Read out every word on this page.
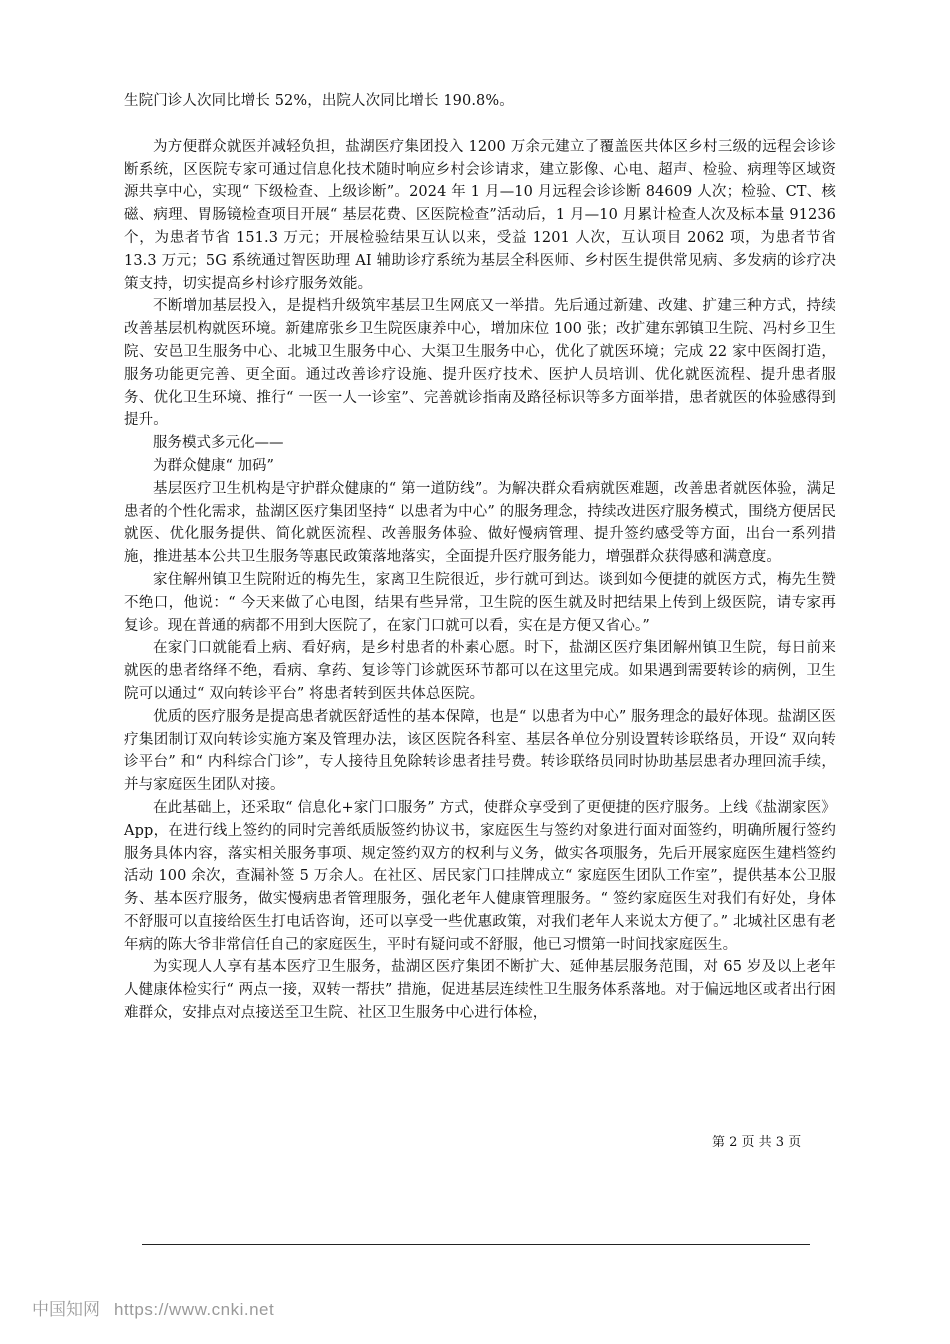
生院门诊人次同比增长 52%，出院人次同比增长 190.8%。

为方便群众就医并减轻负担，盐湖医疗集团投入 1200 万余元建立了覆盖医共体区乡村三级的远程会诊诊断系统，区医院专家可通过信息化技术随时响应乡村会诊请求，建立影像、心电、超声、检验、病理等区域资源共享中心，实现“ 下级检查、上级诊断”。2024 年 1 月—10 月远程会诊诊断 84609 人次；检验、CT、核磁、病理、胃肠镜检查项目开展“ 基层花费、区医院检查”活动后，1 月—10 月累计检查人次及标本量 91236 个，为患者节省 151.3 万元；开展检验结果互认以来，受益 1201 人次，互认项目 2062 项，为患者节省 13.3 万元；5G 系统通过智医助理 AI 辅助诊疗系统为基层全科医师、乡村医生提供常见病、多发病的诊疗决策支持，切实提高乡村诊疗服务效能。

不断增加基层投入，是提档升级筑牢基层卫生网底又一举措。先后通过新建、改建、扩建三种方式，持续改善基层机构就医环境。新建席张乡卫生院医康养中心，增加床位 100 张；改扩建东郭镇卫生院、冯村乡卫生院、安邑卫生服务中心、北城卫生服务中心、大渠卫生服务中心，优化了就医环境；完成 22 家中医阁打造，服务功能更完善、更全面。通过改善诊疗设施、提升医疗技术、医护人员培训、优化就医流程、提升患者服务、优化卫生环境、推行“ 一医一人一诊室”、完善就诊指南及路径标识等多方面举措，患者就医的体验感得到提升。

服务模式多元化——

为群众健康“ 加码”

基层医疗卫生机构是守护群众健康的“ 第一道防线”。为解决群众看病就医难题，改善患者就医体验，满足患者的个性化需求，盐湖区医疗集团坚持“ 以患者为中心” 的服务理念，持续改进医疗服务模式，围绕方便居民就医、优化服务提供、简化就医流程、改善服务体验、做好慢病管理、提升签约感受等方面，出台一系列措施，推进基本公共卫生服务等惠民政策落地落实，全面提升医疗服务能力，增强群众获得感和满意度。

家住解州镇卫生院附近的梅先生，家离卫生院很近，步行就可到达。谈到如今便捷的就医方式，梅先生赞不绝口，他说：“ 今天来做了心电图，结果有些异常，卫生院的医生就及时把结果上传到上级医院，请专家再复诊。现在普通的病都不用到大医院了，在家门口就可以看，实在是方便又省心。”

在家门口就能看上病、看好病，是乡村患者的朴素心愿。时下，盐湖区医疗集团解州镇卫生院，每日前来就医的患者络绎不绝，看病、拿药、复诊等门诊就医环节都可以在这里完成。如果遇到需要转诊的病例，卫生院可以通过“ 双向转诊平台” 将患者转到医共体总医院。

优质的医疗服务是提高患者就医舒适性的基本保障，也是“ 以患者为中心” 服务理念的最好体现。盐湖区医疗集团制订双向转诊实施方案及管理办法，该区医院各科室、基层各单位分别设置转诊联络员，开设“ 双向转诊平台” 和“ 内科综合门诊”，专人接待且免除转诊患者挂号费。转诊联络员同时协助基层患者办理回流手续，并与家庭医生团队对接。

在此基础上，还采取“ 信息化+家门口服务” 方式，使群众享受到了更便捷的医疗服务。上线《盐湖家医》App，在进行线上签约的同时完善纸质版签约协议书，家庭医生与签约对象进行面对面签约，明确所履行签约服务具体内容，落实相关服务事项、规定签约双方的权利与义务，做实各项服务，先后开展家庭医生建档签约活动 100 余次，查漏补签 5 万余人。在社区、居民家门口挂牌成立“ 家庭医生团队工作室”，提供基本公卫服务、基本医疗服务，做实慢病患者管理服务，强化老年人健康管理服务。“ 签约家庭医生对我们有好处，身体不舒服可以直接给医生打电话咨询，还可以享受一些优惠政策，对我们老年人来说太方便了。” 北城社区患有老年病的陈大爷非常信任自己的家庭医生，平时有疑问或不舒服，他已习惯第一时间找家庭医生。

为实现人人享有基本医疗卫生服务，盐湖区医疗集团不断扩大、延伸基层服务范围，对 65 岁及以上老年人健康体检实行“ 两点一接，双转一帮扶” 措施，促进基层连续性卫生服务体系落地。对于偏远地区或者出行困难群众，安排点对点接送至卫生院、社区卫生服务中心进行体检，

第 2 页 共 3 页
中国知网 https://www.cnki.net
